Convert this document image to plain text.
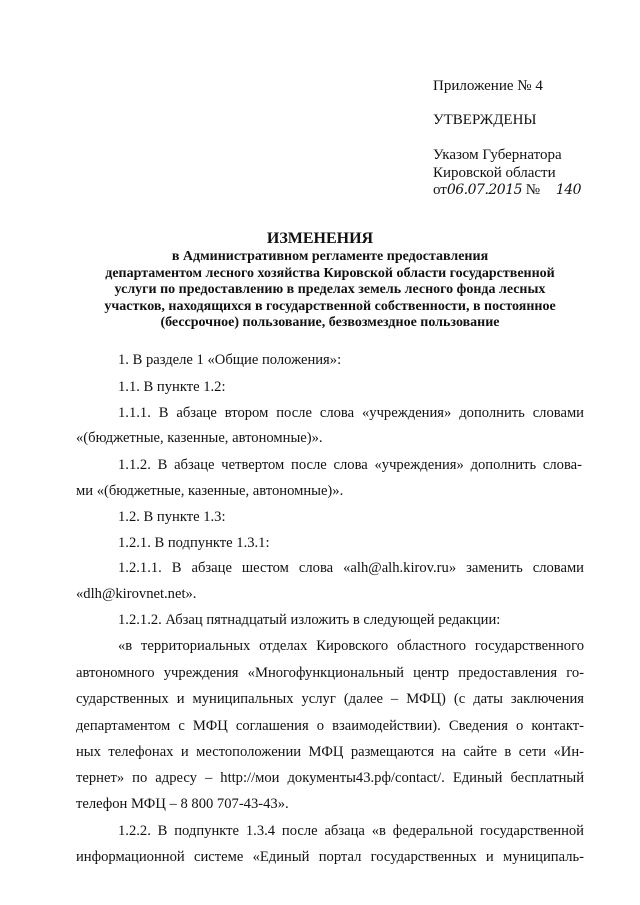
Приложение № 4
УТВЕРЖДЕНЫ
Указом Губернатора
Кировской области
от06.07.2015 № 140
ИЗМЕНЕНИЯ
в Административном регламенте предоставления
департаментом лесного хозяйства Кировской области государственной
услуги по предоставлению в пределах земель лесного фонда лесных
участков, находящихся в государственной собственности, в постоянное
(бессрочное) пользование, безвозмездное пользование
1. В разделе 1 «Общие положения»:
1.1. В пункте 1.2:
1.1.1. В абзаце втором после слова «учреждения» дополнить словами
«(бюджетные, казенные, автономные)».
1.1.2. В абзаце четвертом после слова «учреждения» дополнить слова-
ми «(бюджетные, казенные, автономные)».
1.2. В пункте 1.3:
1.2.1. В подпункте 1.3.1:
1.2.1.1. В абзаце шестом слова «alh@alh.kirov.ru» заменить словами
«dlh@kirovnet.net».
1.2.1.2. Абзац пятнадцатый изложить в следующей редакции:
«в территориальных отделах Кировского областного государственного
автономного учреждения «Многофункциональный центр предоставления го-
сударственных и муниципальных услуг (далее – МФЦ) (с даты заключения
департаментом с МФЦ соглашения о взаимодействии). Сведения о контакт-
ных телефонах и местоположении МФЦ размещаются на сайте в сети «Ин-
тернет» по адресу – http://мои документы43.рф/contact/. Единый бесплатный
телефон МФЦ – 8 800 707-43-43».
1.2.2. В подпункте 1.3.4 после абзаца «в федеральной государственной
информационной системе «Единый портал государственных и муниципаль-
